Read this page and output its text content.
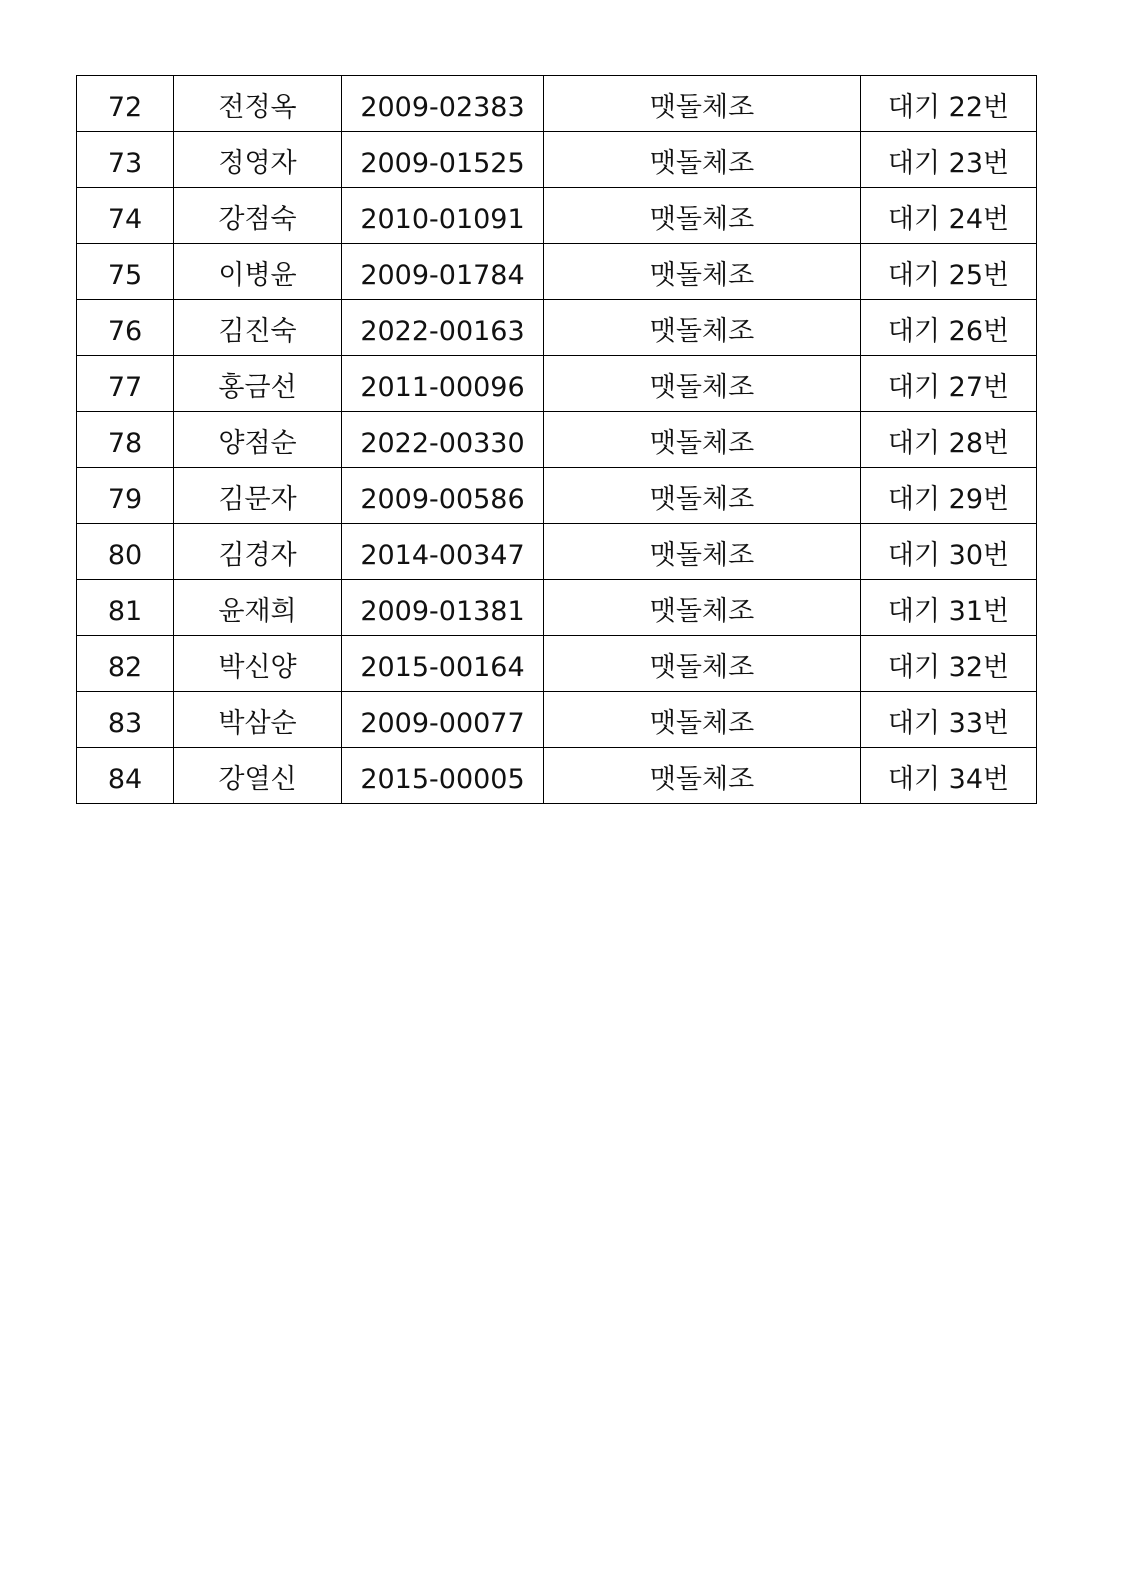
72	전정옥	2009-02383	맷돌체조	대기 22번
73	정영자	2009-01525	맷돌체조	대기 23번
74	강점숙	2010-01091	맷돌체조	대기 24번
75	이병윤	2009-01784	맷돌체조	대기 25번
76	김진숙	2022-00163	맷돌체조	대기 26번
77	홍금선	2011-00096	맷돌체조	대기 27번
78	양점순	2022-00330	맷돌체조	대기 28번
79	김문자	2009-00586	맷돌체조	대기 29번
80	김경자	2014-00347	맷돌체조	대기 30번
81	윤재희	2009-01381	맷돌체조	대기 31번
82	박신양	2015-00164	맷돌체조	대기 32번
83	박삼순	2009-00077	맷돌체조	대기 33번
84	강열신	2015-00005	맷돌체조	대기 34번
